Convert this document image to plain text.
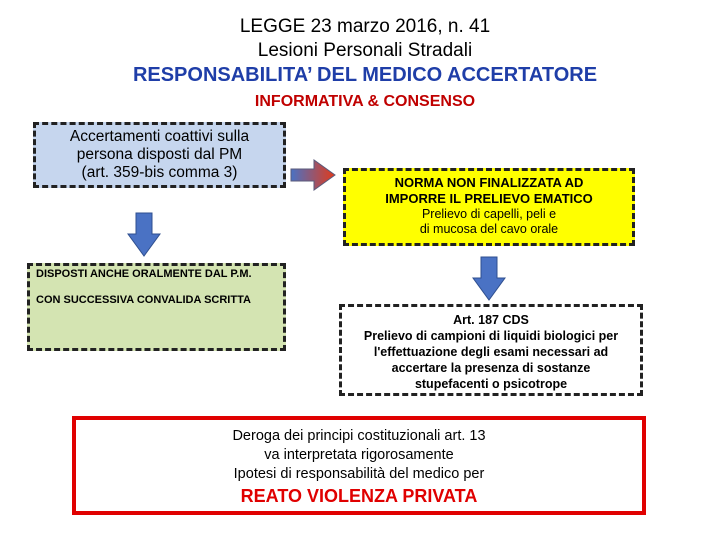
LEGGE 23 marzo 2016, n. 41
Lesioni Personali Stradali
RESPONSABILITA’ DEL MEDICO ACCERTATORE
INFORMATIVA & CONSENSO
Accertamenti coattivi sulla
persona disposti dal PM
(art. 359-bis comma 3)
NORMA NON FINALIZZATA AD
IMPORRE IL PRELIEVO EMATICO
Prelievo di capelli, peli e
di mucosa del cavo orale
DISPOSTI ANCHE ORALMENTE DAL P.M.
CON SUCCESSIVA CONVALIDA SCRITTA
Art. 187 CDS
Prelievo di campioni di liquidi biologici per
l'effettuazione degli esami necessari ad
accertare la presenza di sostanze
stupefacenti o psicotrope
Deroga dei principi costituzionali art. 13
va interpretata rigorosamente
Ipotesi di responsabilità del medico per
REATO VIOLENZA PRIVATA
